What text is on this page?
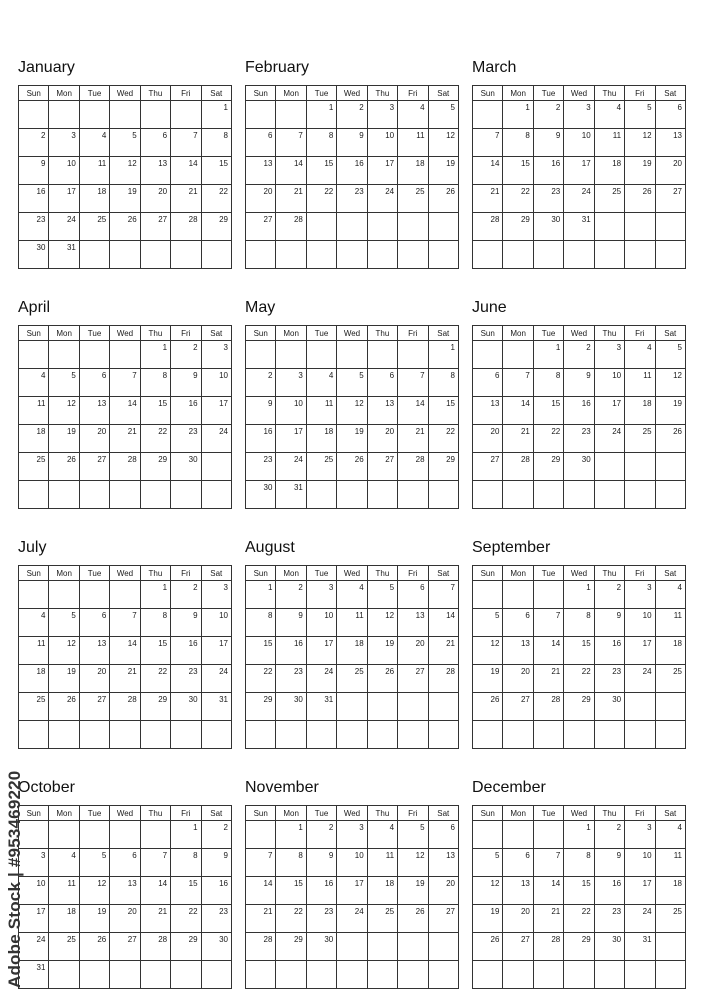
January
Sun	Mon	Tue	Wed	Thu	Fri	Sat
						1
2	3	4	5	6	7	8
9	10	11	12	13	14	15
16	17	18	19	20	21	22
23	24	25	26	27	28	29
30	31					
February
Sun	Mon	Tue	Wed	Thu	Fri	Sat
		1	2	3	4	5
6	7	8	9	10	11	12
13	14	15	16	17	18	19
20	21	22	23	24	25	26
27	28					

March
Sun	Mon	Tue	Wed	Thu	Fri	Sat
	1	2	3	4	5	6
7	8	9	10	11	12	13
14	15	16	17	18	19	20
21	22	23	24	25	26	27
28	29	30	31			

April
Sun	Mon	Tue	Wed	Thu	Fri	Sat
				1	2	3
4	5	6	7	8	9	10
11	12	13	14	15	16	17
18	19	20	21	22	23	24
25	26	27	28	29	30	

May
Sun	Mon	Tue	Wed	Thu	Fri	Sat
						1
2	3	4	5	6	7	8
9	10	11	12	13	14	15
16	17	18	19	20	21	22
23	24	25	26	27	28	29
30	31					
June
Sun	Mon	Tue	Wed	Thu	Fri	Sat
		1	2	3	4	5
6	7	8	9	10	11	12
13	14	15	16	17	18	19
20	21	22	23	24	25	26
27	28	29	30			

July
Sun	Mon	Tue	Wed	Thu	Fri	Sat
				1	2	3
4	5	6	7	8	9	10
11	12	13	14	15	16	17
18	19	20	21	22	23	24
25	26	27	28	29	30	31

August
Sun	Mon	Tue	Wed	Thu	Fri	Sat
1	2	3	4	5	6	7
8	9	10	11	12	13	14
15	16	17	18	19	20	21
22	23	24	25	26	27	28
29	30	31				

September
Sun	Mon	Tue	Wed	Thu	Fri	Sat
			1	2	3	4
5	6	7	8	9	10	11
12	13	14	15	16	17	18
19	20	21	22	23	24	25
26	27	28	29	30		

October
Sun	Mon	Tue	Wed	Thu	Fri	Sat
					1	2
3	4	5	6	7	8	9
10	11	12	13	14	15	16
17	18	19	20	21	22	23
24	25	26	27	28	29	30
31						
November
Sun	Mon	Tue	Wed	Thu	Fri	Sat
	1	2	3	4	5	6
7	8	9	10	11	12	13
14	15	16	17	18	19	20
21	22	23	24	25	26	27
28	29	30				

December
Sun	Mon	Tue	Wed	Thu	Fri	Sat
			1	2	3	4
5	6	7	8	9	10	11
12	13	14	15	16	17	18
19	20	21	22	23	24	25
26	27	28	29	30	31	

Adobe Stock | #953469220
